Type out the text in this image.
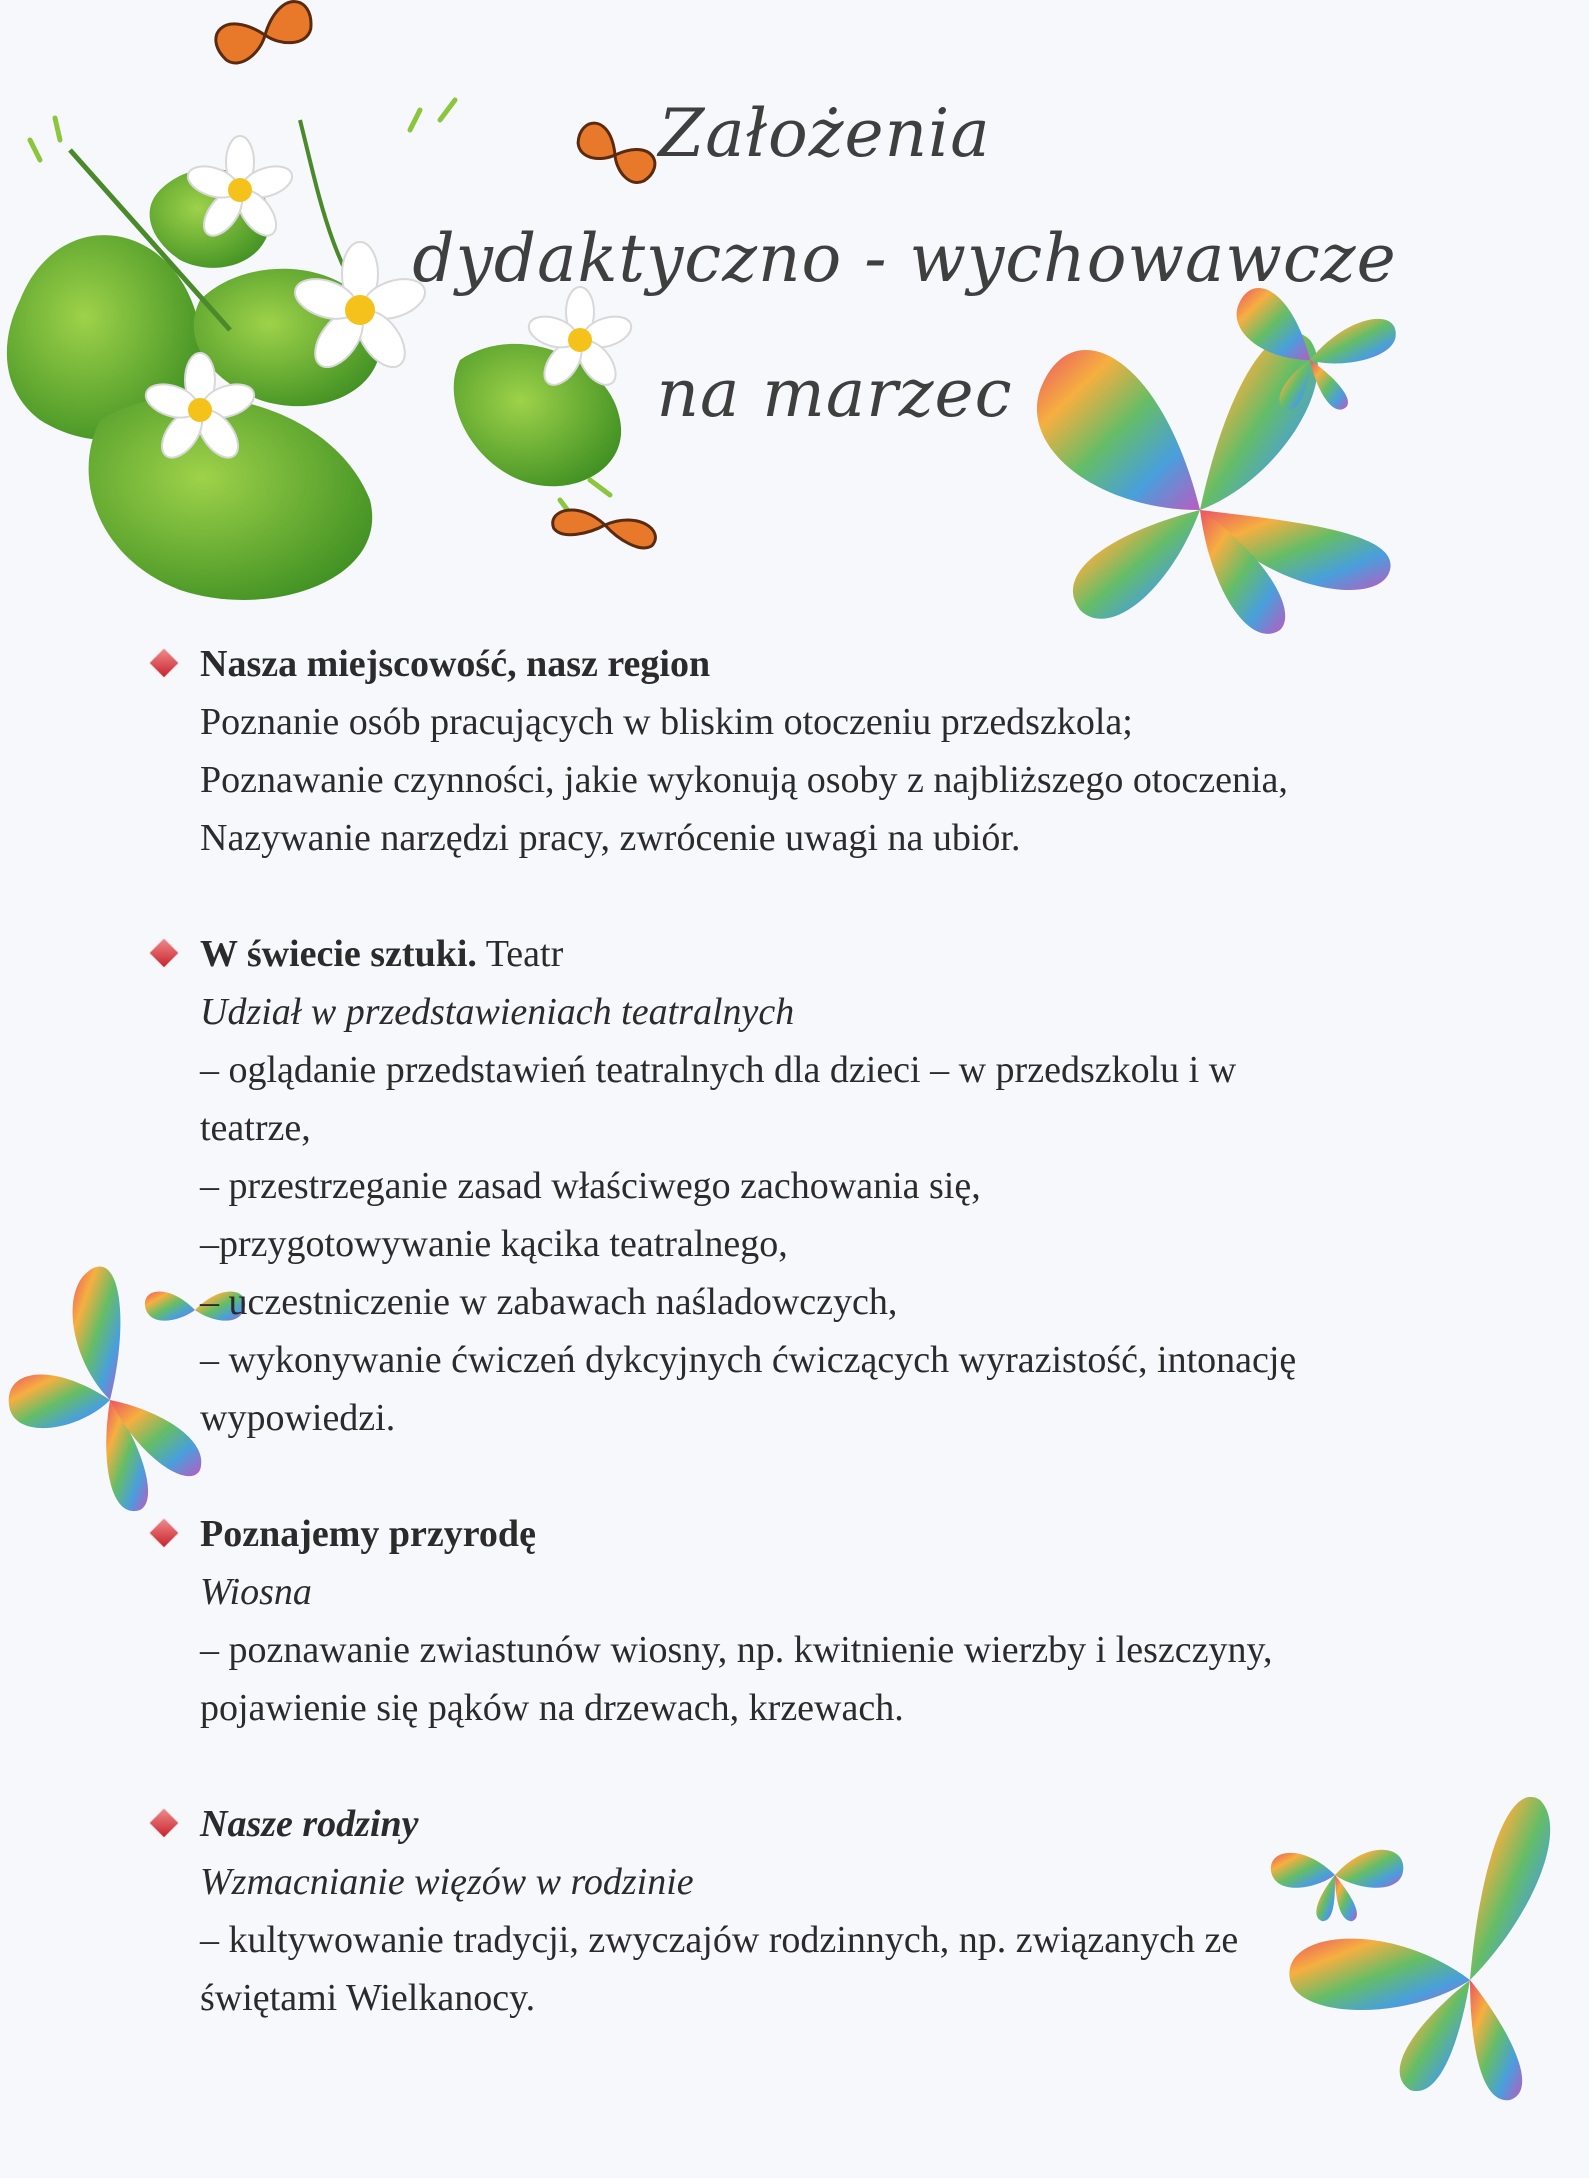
Założenia
dydaktyczno - wychowawcze
na marzec
Nasza miejscowość, nasz region
Poznanie osób pracujących w bliskim otoczeniu przedszkola;
Poznawanie czynności, jakie wykonują osoby z najbliższego otoczenia,
Nazywanie narzędzi pracy, zwrócenie uwagi na ubiór.
W świecie sztuki. Teatr
Udział w przedstawieniach teatralnych
– oglądanie przedstawień teatralnych dla dzieci – w przedszkolu i w
teatrze,
– przestrzeganie zasad właściwego zachowania się,
–przygotowywanie kącika teatralnego,
– uczestniczenie w zabawach naśladowczych,
– wykonywanie ćwiczeń dykcyjnych ćwiczących wyrazistość, intonację
wypowiedzi.
Poznajemy przyrodę
Wiosna
– poznawanie zwiastunów wiosny, np. kwitnienie wierzby i leszczyny,
pojawienie się pąków na drzewach, krzewach.
Nasze rodziny
Wzmacnianie więzów w rodzinie
– kultywowanie tradycji, zwyczajów rodzinnych, np. związanych ze
świętami Wielkanocy.
